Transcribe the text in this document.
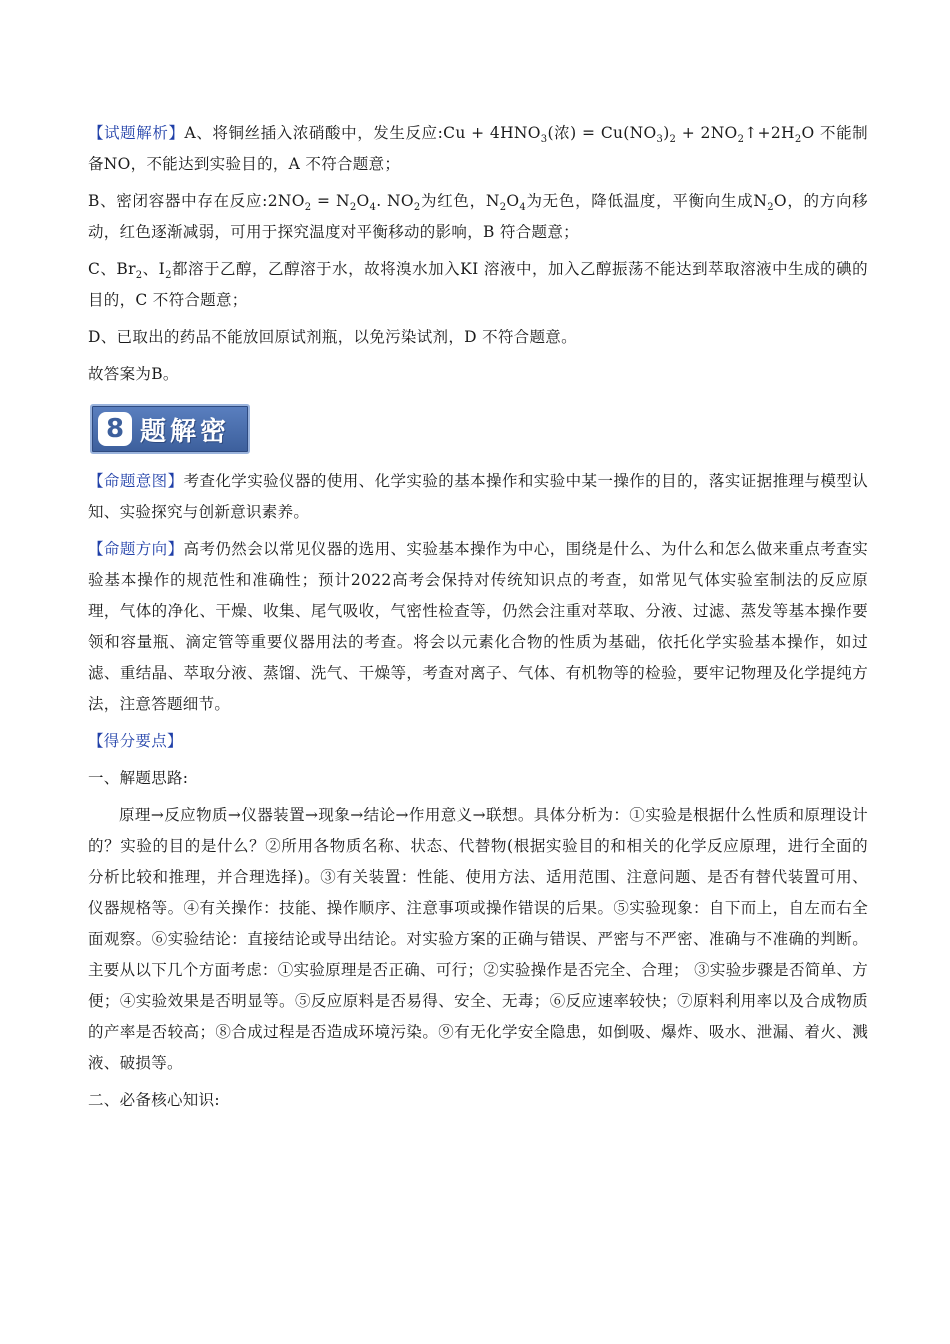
【试题解析】A、将铜丝插入浓硝酸中，发生反应:Cu + $4HNO_3$(浓) = $Cu(NO_3)_2$ + $2NO_2↑+2H_2O$ 不能制备NO，不能达到实验目的，A 不符合题意；

B、密闭容器中存在反应$:2NO_2 = N_2O_4$. $NO_2$为红色，$N_2O_4$为无色，降低温度，平衡向生成$N_2O$，的方向移动，红色逐渐减弱，可用于探究温度对平衡移动的影响，B 符合题意；

C、$Br_2$、$I_2$都溶于乙醇，乙醇溶于水，故将溴水加入KI 溶液中，加入乙醇振荡不能达到萃取溶液中生成的碘的目的，C 不符合题意；

D、已取出的药品不能放回原试剂瓶，以免污染试剂，D 不符合题意。

故答案为B。

8 题解密

【命题意图】考查化学实验仪器的使用、化学实验的基本操作和实验中某一操作的目的，落实证据推理与模型认知、实验探究与创新意识素养。

【命题方向】高考仍然会以常见仪器的选用、实验基本操作为中心，围绕是什么、为什么和怎么做来重点考查实验基本操作的规范性和准确性；预计2022高考会保持对传统知识点的考查，如常见气体实验室制法的反应原理，气体的净化、干燥、收集、尾气吸收，气密性检查等，仍然会注重对萃取、分液、过滤、蒸发等基本操作要领和容量瓶、滴定管等重要仪器用法的考查。将会以元素化合物的性质为基础，依托化学实验基本操作，如过滤、重结晶、萃取分液、蒸馏、洗气、干燥等，考查对离子、气体、有机物等的检验，要牢记物理及化学提纯方法，注意答题细节。

【得分要点】

一、解题思路:

原理→反应物质→仪器装置→现象→结论→作用意义→联想。具体分析为：①实验是根据什么性质和原理设计的？实验的目的是什么？②所用各物质名称、状态、代替物(根据实验目的和相关的化学反应原理，进行全面的分析比较和推理，并合理选择)。③有关装置：性能、使用方法、适用范围、注意问题、是否有替代装置可用、仪器规格等。④有关操作：技能、操作顺序、注意事项或操作错误的后果。⑤实验现象：自下而上，自左而右全面观察。⑥实验结论：直接结论或导出结论。对实验方案的正确与错误、严密与不严密、准确与不准确的判断。主要从以下几个方面考虑：①实验原理是否正确、可行；②实验操作是否完全、合理； ③实验步骤是否简单、方便；④实验效果是否明显等。⑤反应原料是否易得、安全、无毒；⑥反应速率较快；⑦原料利用率以及合成物质的产率是否较高；⑧合成过程是否造成环境污染。⑨有无化学安全隐患，如倒吸、爆炸、吸水、泄漏、着火、溅液、破损等。

二、必备核心知识:
